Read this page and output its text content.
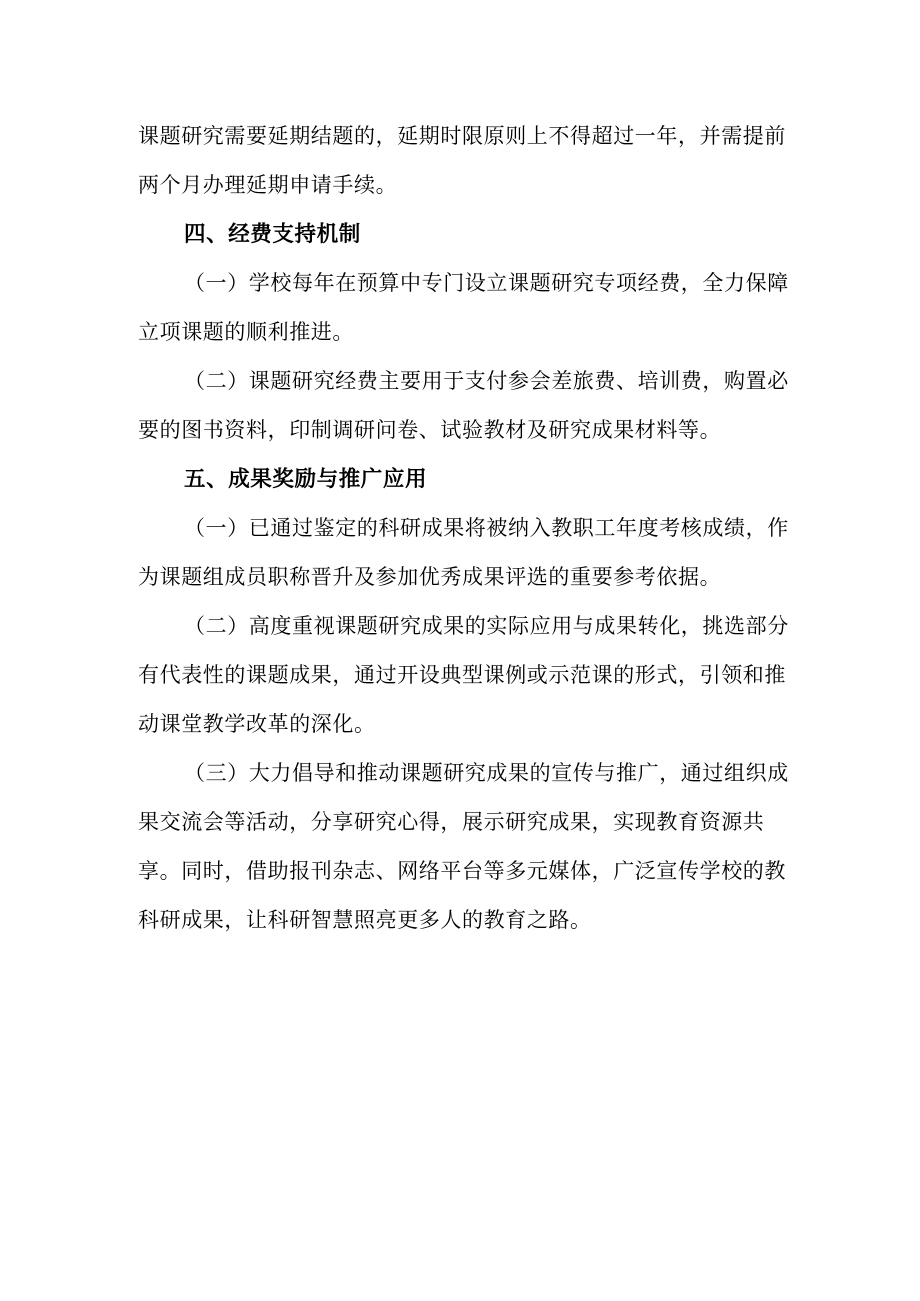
课题研究需要延期结题的，延期时限原则上不得超过一年，并需提前两个月办理延期申请手续。

四、经费支持机制

（一）学校每年在预算中专门设立课题研究专项经费，全力保障立项课题的顺利推进。

（二）课题研究经费主要用于支付参会差旅费、培训费，购置必要的图书资料，印制调研问卷、试验教材及研究成果材料等。

五、成果奖励与推广应用

（一）已通过鉴定的科研成果将被纳入教职工年度考核成绩，作为课题组成员职称晋升及参加优秀成果评选的重要参考依据。

（二）高度重视课题研究成果的实际应用与成果转化，挑选部分有代表性的课题成果，通过开设典型课例或示范课的形式，引领和推动课堂教学改革的深化。

（三）大力倡导和推动课题研究成果的宣传与推广，通过组织成果交流会等活动，分享研究心得，展示研究成果，实现教育资源共享。同时，借助报刊杂志、网络平台等多元媒体，广泛宣传学校的教科研成果，让科研智慧照亮更多人的教育之路。
